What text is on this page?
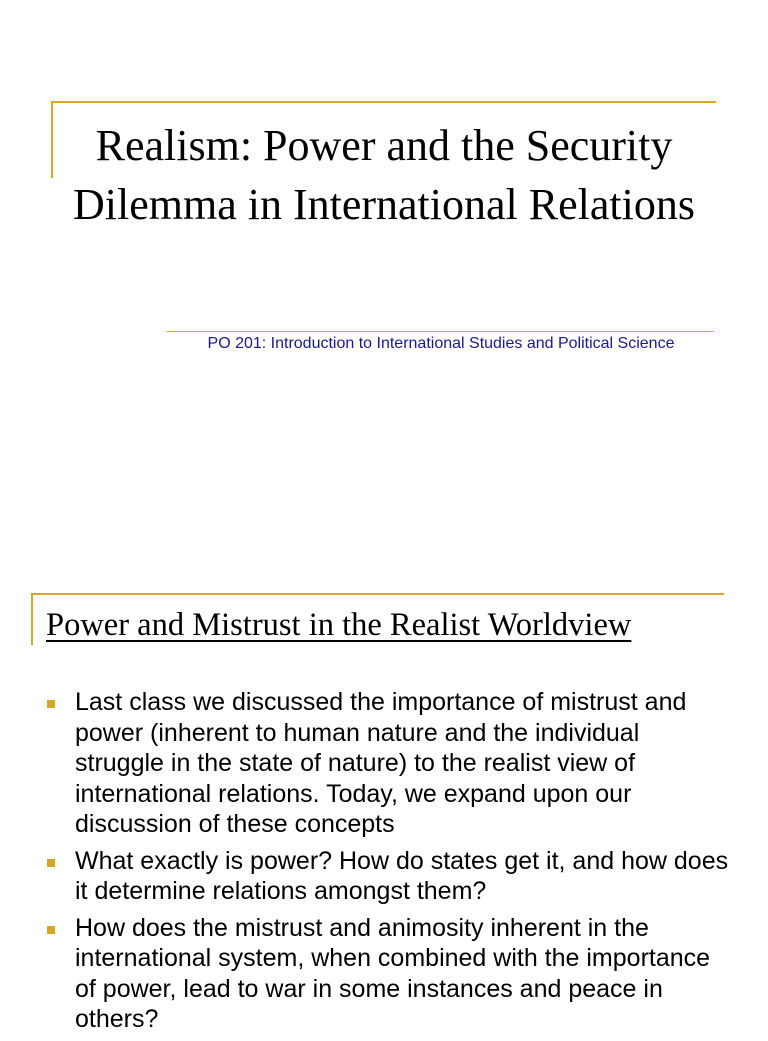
Realism: Power and the Security Dilemma in International Relations

PO 201: Introduction to International Studies and Political Science

Power and Mistrust in the Realist Worldview
Last class we discussed the importance of mistrust and power (inherent to human nature and the individual struggle in the state of nature) to the realist view of international relations. Today, we expand upon our discussion of these concepts
What exactly is power? How do states get it, and how does it determine relations amongst them?
How does the mistrust and animosity inherent in the international system, when combined with the importance of power, lead to war in some instances and peace in others?
